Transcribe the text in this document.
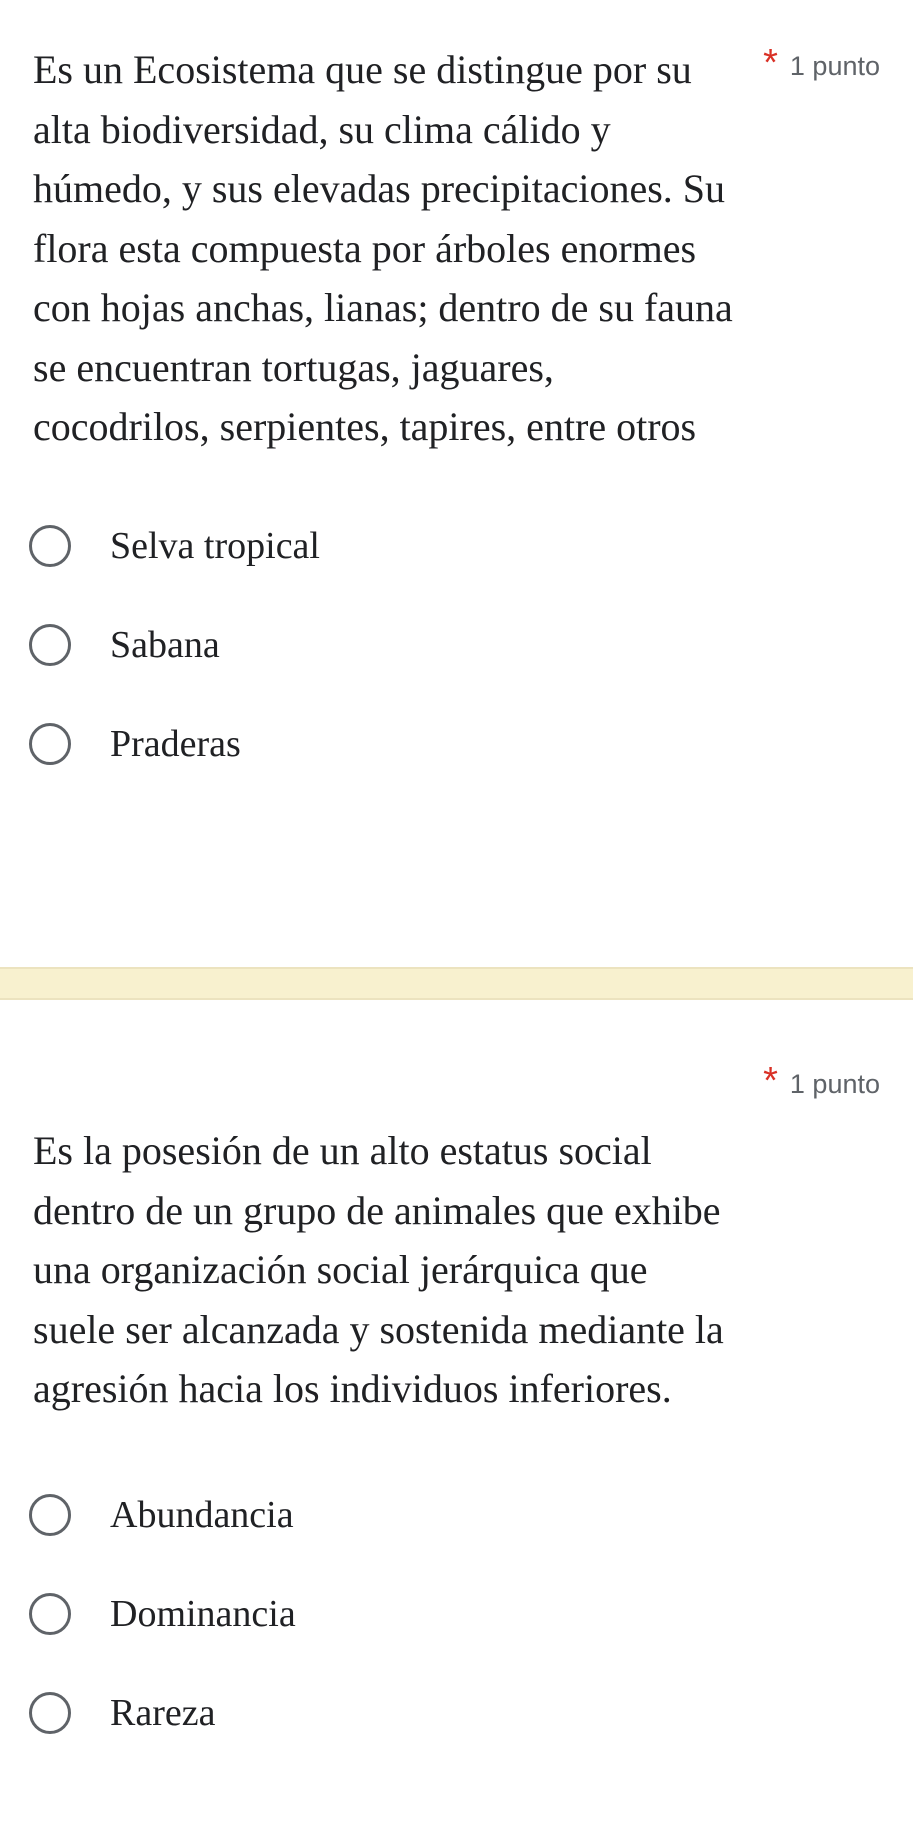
Es un Ecosistema que se distingue por su alta biodiversidad, su clima cálido y húmedo, y sus elevadas precipitaciones. Su flora esta compuesta por árboles enormes con hojas anchas, lianas; dentro de su fauna se encuentran tortugas, jaguares, cocodrilos, serpientes, tapires, entre otros

* 1 punto
Selva tropical
Sabana
Praderas
* 1 punto

Es la posesión de un alto estatus social dentro de un grupo de animales que exhibe una organización social jerárquica que suele ser alcanzada y sostenida mediante la agresión hacia los individuos inferiores.

Abundancia
Dominancia
Rareza
